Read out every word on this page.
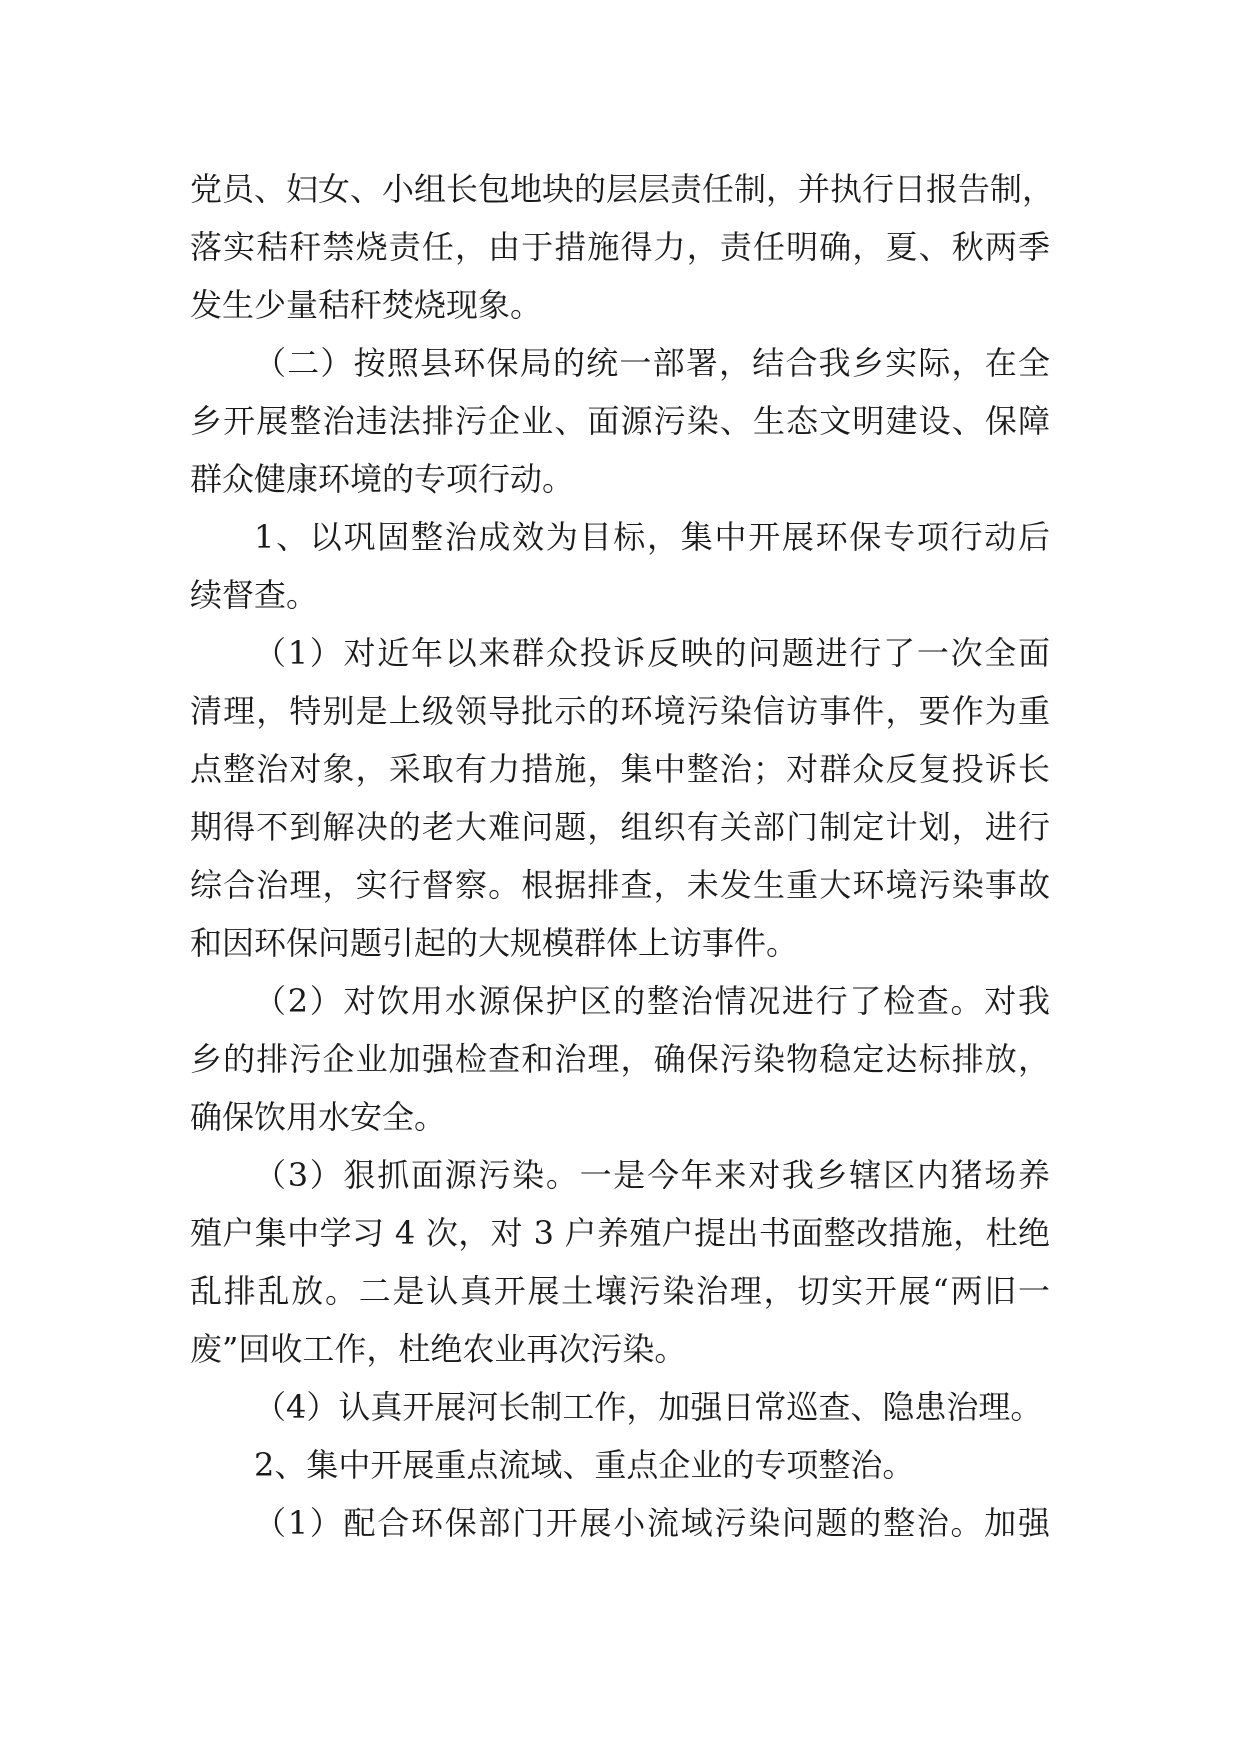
党员、妇女、小组长包地块的层层责任制，并执行日报告制，
落实秸秆禁烧责任，由于措施得力，责任明确，夏、秋两季
发生少量秸秆焚烧现象。
（二）按照县环保局的统一部署，结合我乡实际，在全
乡开展整治违法排污企业、面源污染、生态文明建设、保障
群众健康环境的专项行动。
1、以巩固整治成效为目标，集中开展环保专项行动后
续督查。
（1）对近年以来群众投诉反映的问题进行了一次全面
清理，特别是上级领导批示的环境污染信访事件，要作为重
点整治对象，采取有力措施，集中整治；对群众反复投诉长
期得不到解决的老大难问题，组织有关部门制定计划，进行
综合治理，实行督察。根据排查，未发生重大环境污染事故
和因环保问题引起的大规模群体上访事件。
（2）对饮用水源保护区的整治情况进行了检查。对我
乡的排污企业加强检查和治理，确保污染物稳定达标排放，
确保饮用水安全。
（3）狠抓面源污染。一是今年来对我乡辖区内猪场养
殖户集中学习 4 次，对 3 户养殖户提出书面整改措施，杜绝
乱排乱放。二是认真开展土壤污染治理，切实开展“两旧一
废”回收工作，杜绝农业再次污染。
（4）认真开展河长制工作，加强日常巡查、隐患治理。
2、集中开展重点流域、重点企业的专项整治。
（1）配合环保部门开展小流域污染问题的整治。加强
